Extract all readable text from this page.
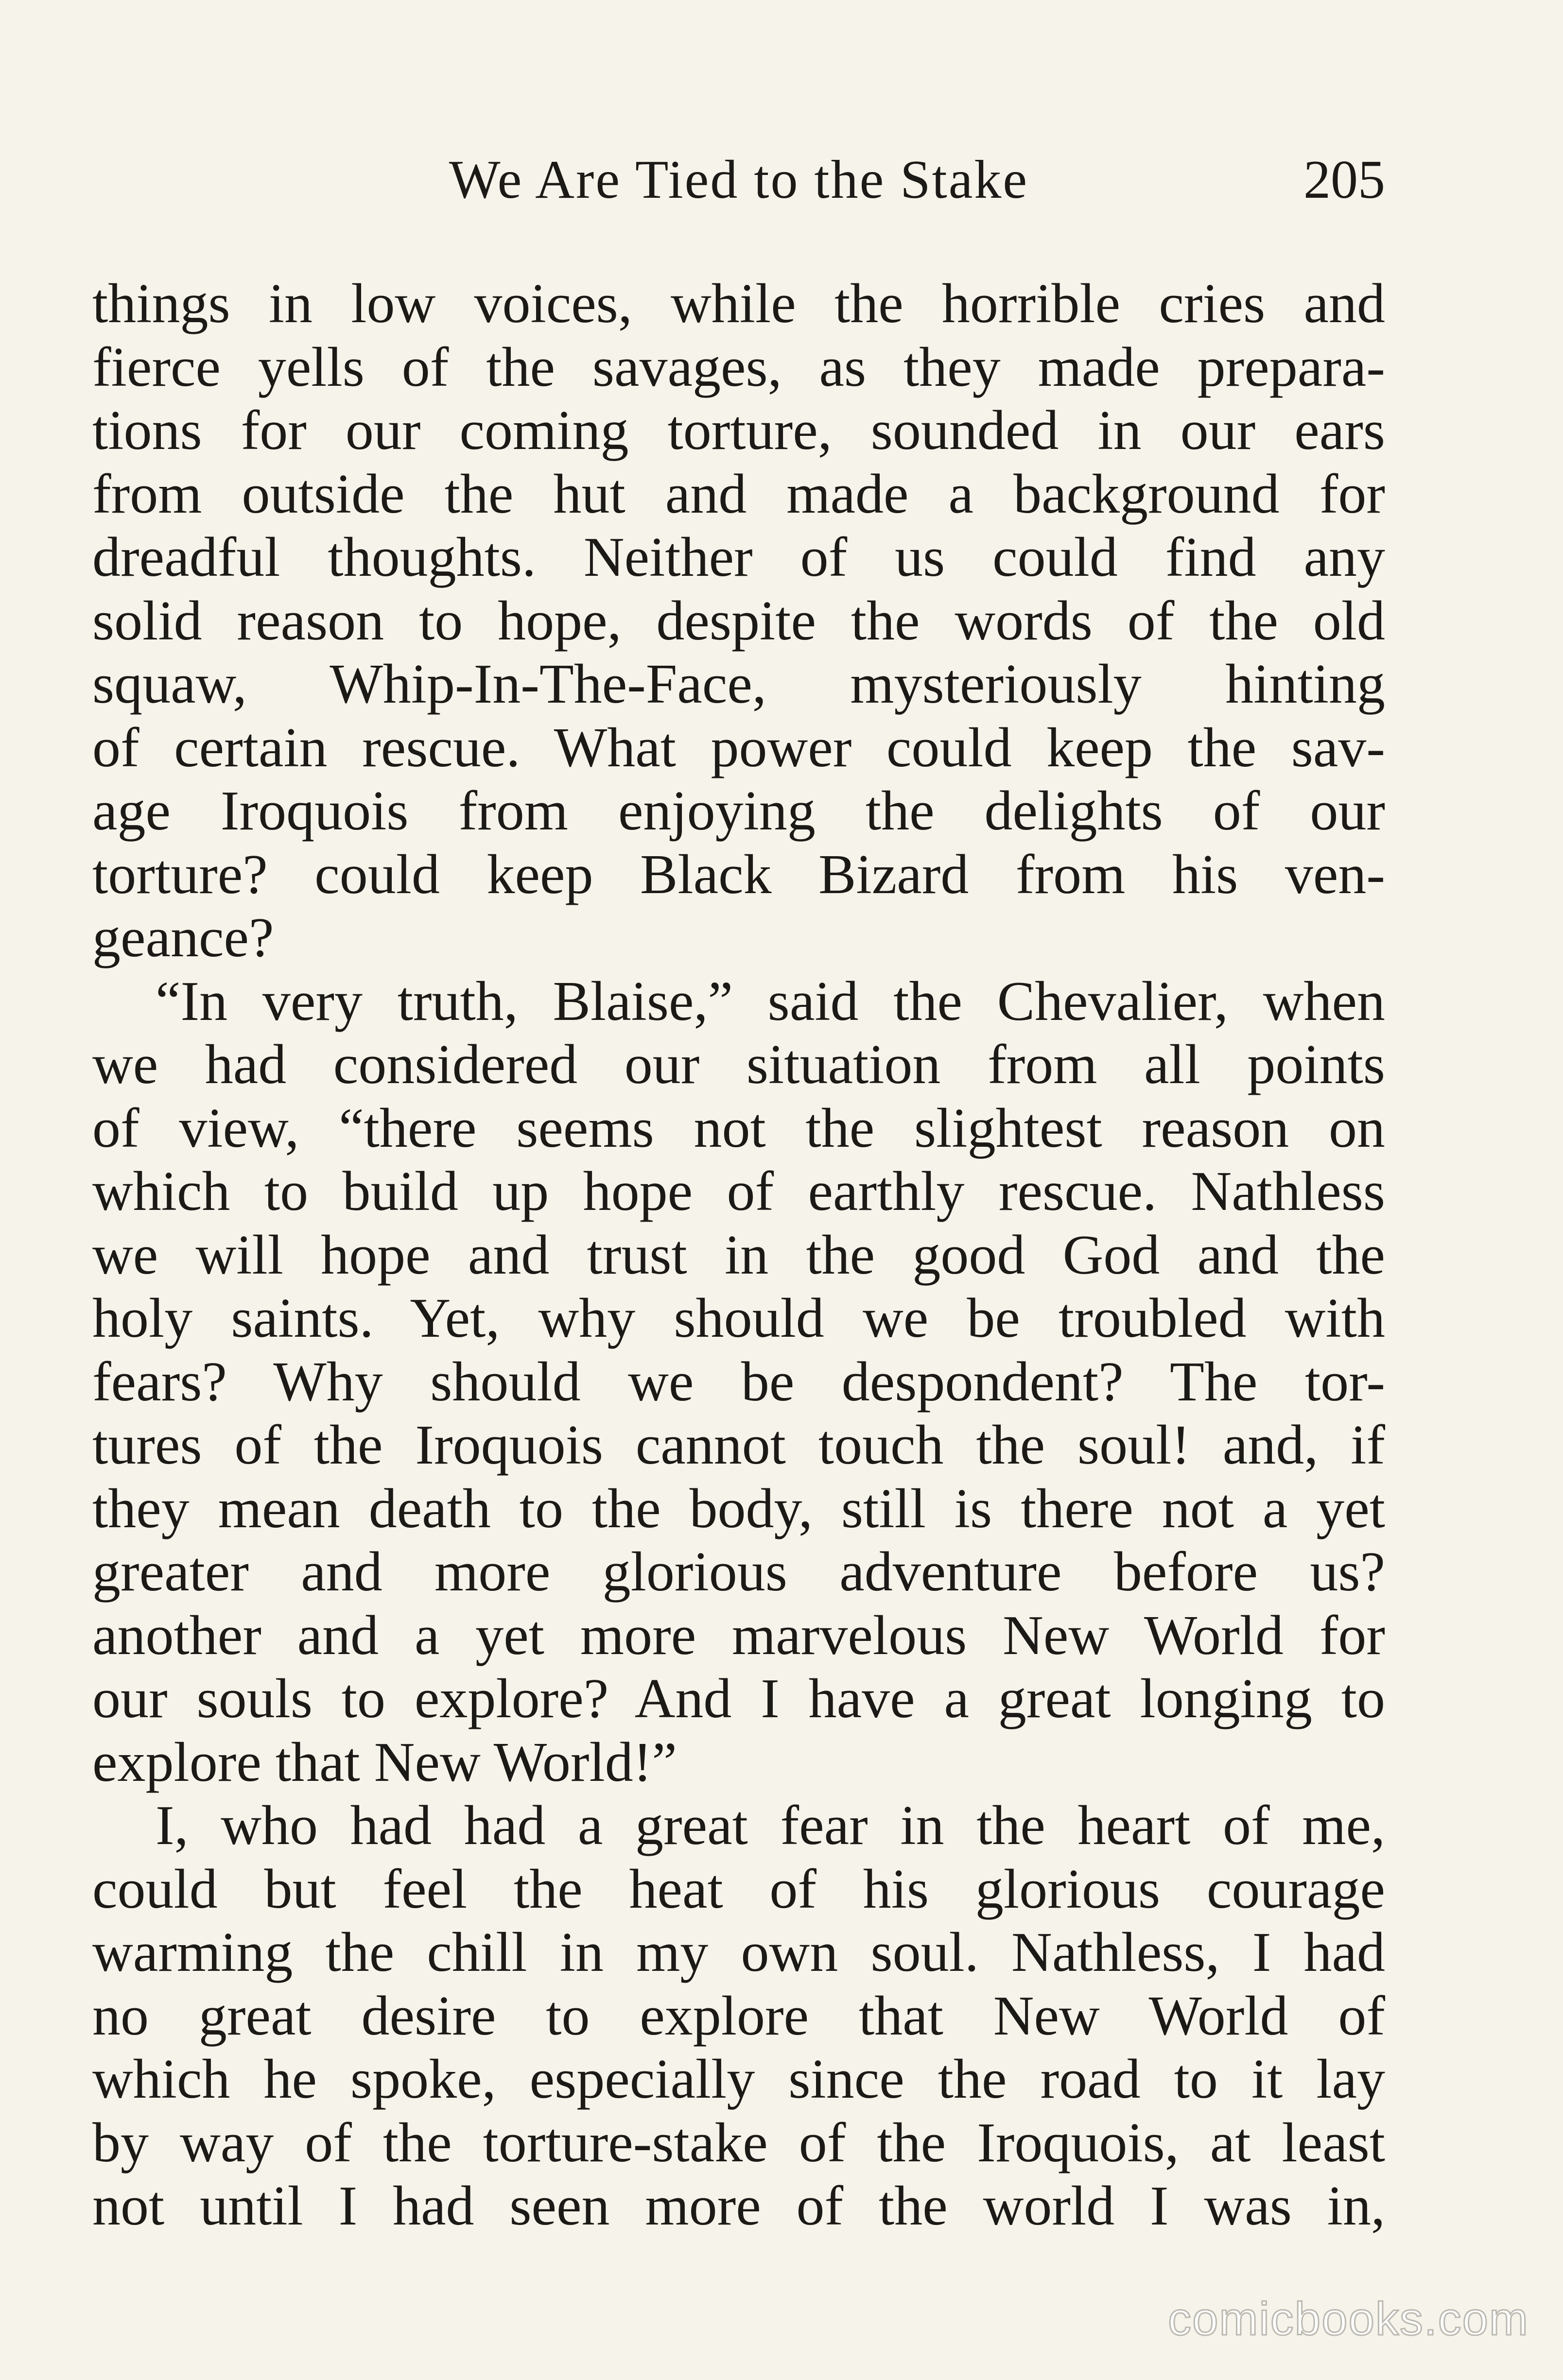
We Are Tied to the Stake	205
things in low voices, while the horrible cries and
fierce yells of the savages, as they made prepara-
tions for our coming torture, sounded in our ears
from outside the hut and made a background for
dreadful thoughts. Neither of us could find any
solid reason to hope, despite the words of the old
squaw, Whip-In-The-Face, mysteriously hinting
of certain rescue. What power could keep the sav-
age Iroquois from enjoying the delights of our
torture? could keep Black Bizard from his ven-
geance?
“In very truth, Blaise,” said the Chevalier, when
we had considered our situation from all points
of view, “there seems not the slightest reason on
which to build up hope of earthly rescue. Nathless
we will hope and trust in the good God and the
holy saints. Yet, why should we be troubled with
fears? Why should we be despondent? The tor-
tures of the Iroquois cannot touch the soul! and, if
they mean death to the body, still is there not a yet
greater and more glorious adventure before us?
another and a yet more marvelous New World for
our souls to explore? And I have a great longing to
explore that New World!”
I, who had had a great fear in the heart of me,
could but feel the heat of his glorious courage
warming the chill in my own soul. Nathless, I had
no great desire to explore that New World of
which he spoke, especially since the road to it lay
by way of the torture-stake of the Iroquois, at least
not until I had seen more of the world I was in,
comicbooks.com
